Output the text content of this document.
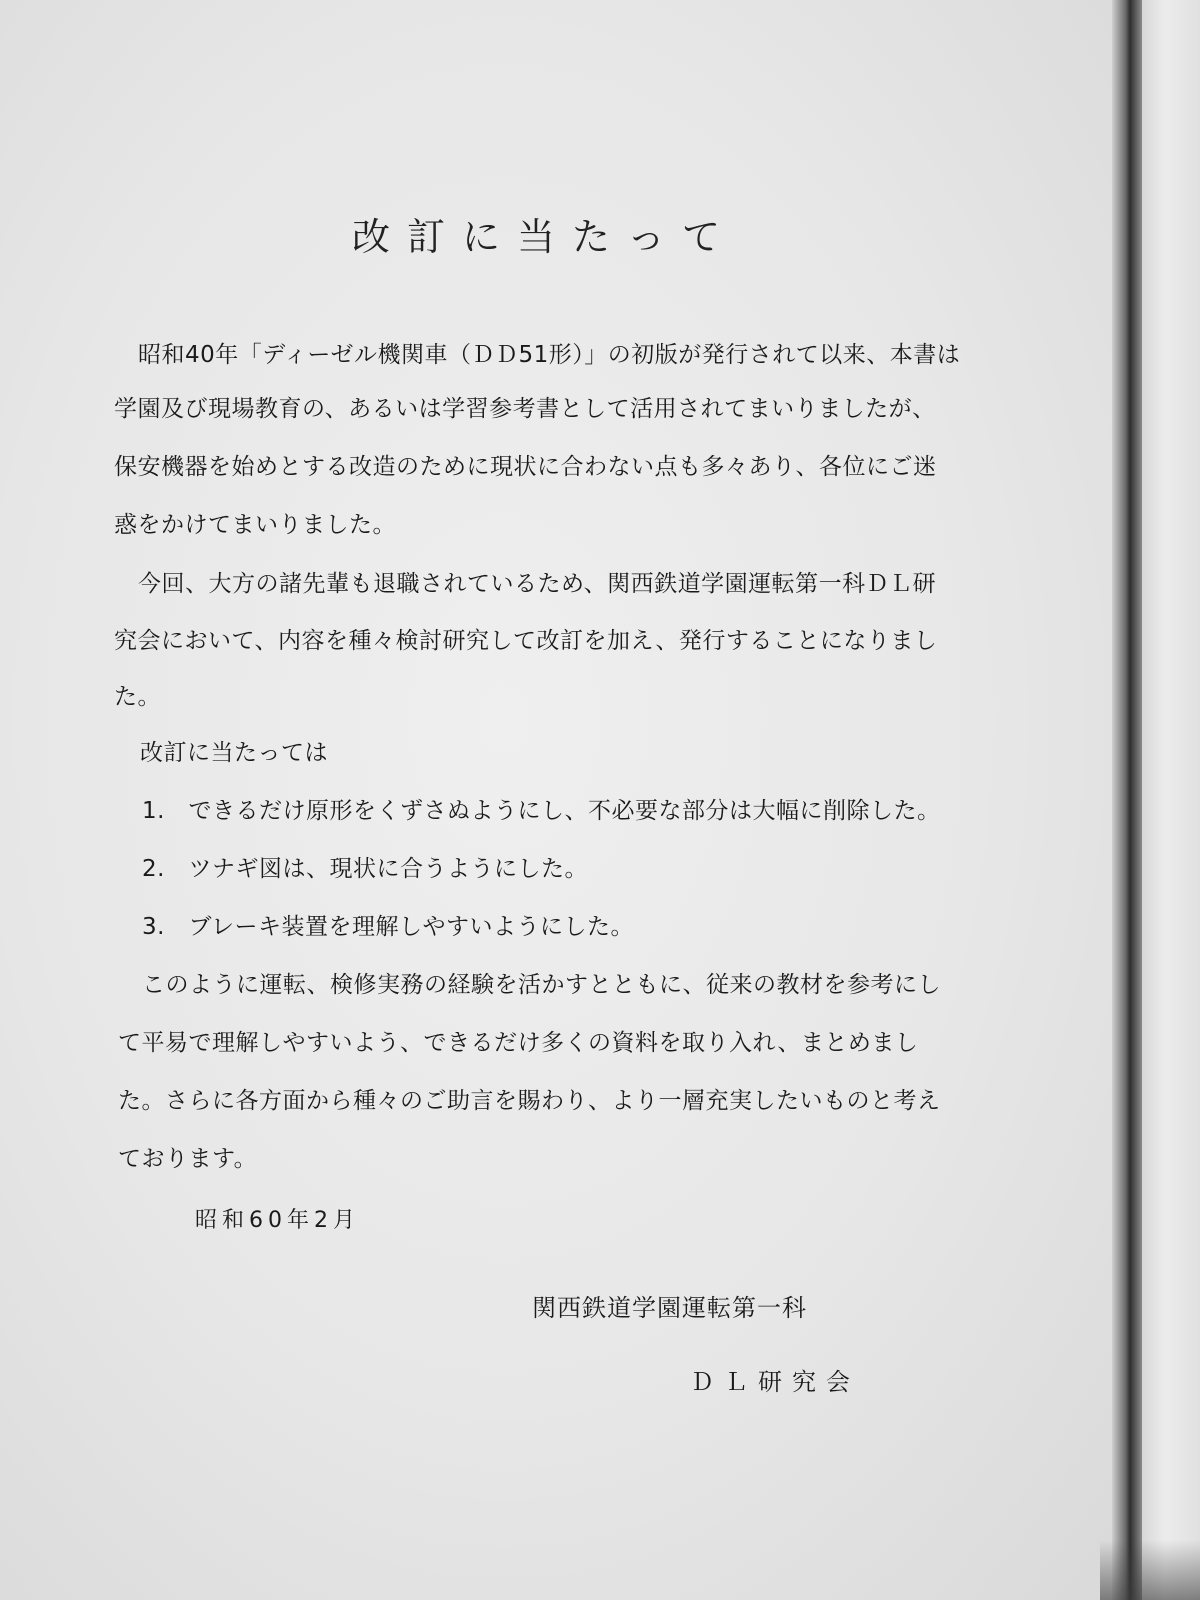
改訂に当たって
昭和40年「ディーゼル機関車（ＤＤ51形）」の初版が発行されて以来、本書は
学園及び現場教育の、あるいは学習参考書として活用されてまいりましたが、
保安機器を始めとする改造のために現状に合わない点も多々あり、各位にご迷
惑をかけてまいりました。
今回、大方の諸先輩も退職されているため、関西鉄道学園運転第一科ＤＬ研
究会において、内容を種々検討研究して改訂を加え、発行することになりまし
た。
改訂に当たっては
1.　できるだけ原形をくずさぬようにし、不必要な部分は大幅に削除した。
2.　ツナギ図は、現状に合うようにした。
3.　ブレーキ装置を理解しやすいようにした。
このように運転、検修実務の経験を活かすとともに、従来の教材を参考にし
て平易で理解しやすいよう、できるだけ多くの資料を取り入れ、まとめまし
た。さらに各方面から種々のご助言を賜わり、より一層充実したいものと考え
ております。
昭和60年2月
関西鉄道学園運転第一科
ＤＬ研究会
